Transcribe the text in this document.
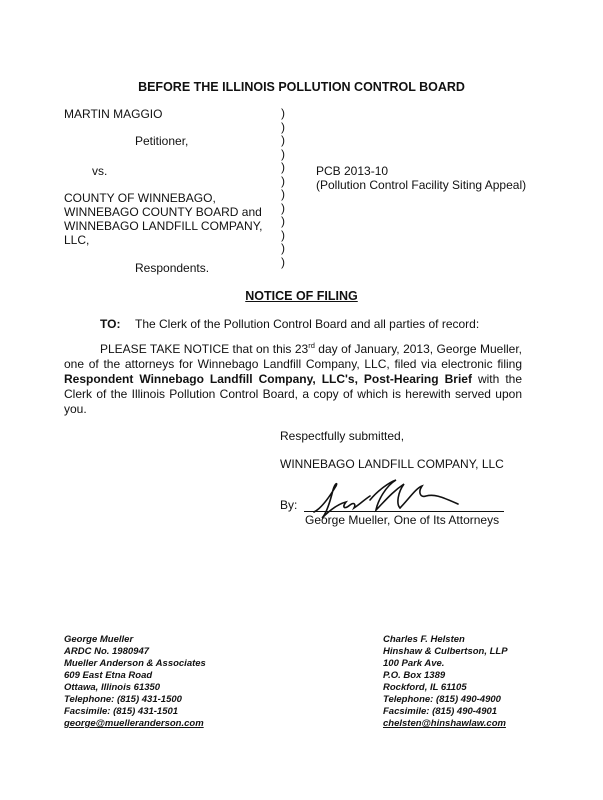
BEFORE THE ILLINOIS POLLUTION CONTROL BOARD
MARTIN MAGGIO
Petitioner,
vs.
COUNTY OF WINNEBAGO,
WINNEBAGO COUNTY BOARD and
WINNEBAGO LANDFILL COMPANY,
LLC,
Respondents.
)
)
)
)
)
)
)
)
)
)
)
)
PCB 2013-10
(Pollution Control Facility Siting Appeal)
NOTICE OF FILING
TO: The Clerk of the Pollution Control Board and all parties of record:
PLEASE TAKE NOTICE that on this 23rd day of January, 2013, George Mueller, one of the attorneys for Winnebago Landfill Company, LLC, filed via electronic filing Respondent Winnebago Landfill Company, LLC's, Post-Hearing Brief with the Clerk of the Illinois Pollution Control Board, a copy of which is herewith served upon you.
Respectfully submitted,
WINNEBAGO LANDFILL COMPANY, LLC
By:
George Mueller, One of Its Attorneys
George Mueller
ARDC No. 1980947
Mueller Anderson & Associates
609 East Etna Road
Ottawa, Illinois 61350
Telephone: (815) 431-1500
Facsimile: (815) 431-1501
george@muelleranderson.com
Charles F. Helsten
Hinshaw & Culbertson, LLP
100 Park Ave.
P.O. Box 1389
Rockford, IL 61105
Telephone: (815) 490-4900
Facsimile: (815) 490-4901
chelsten@hinshawlaw.com
